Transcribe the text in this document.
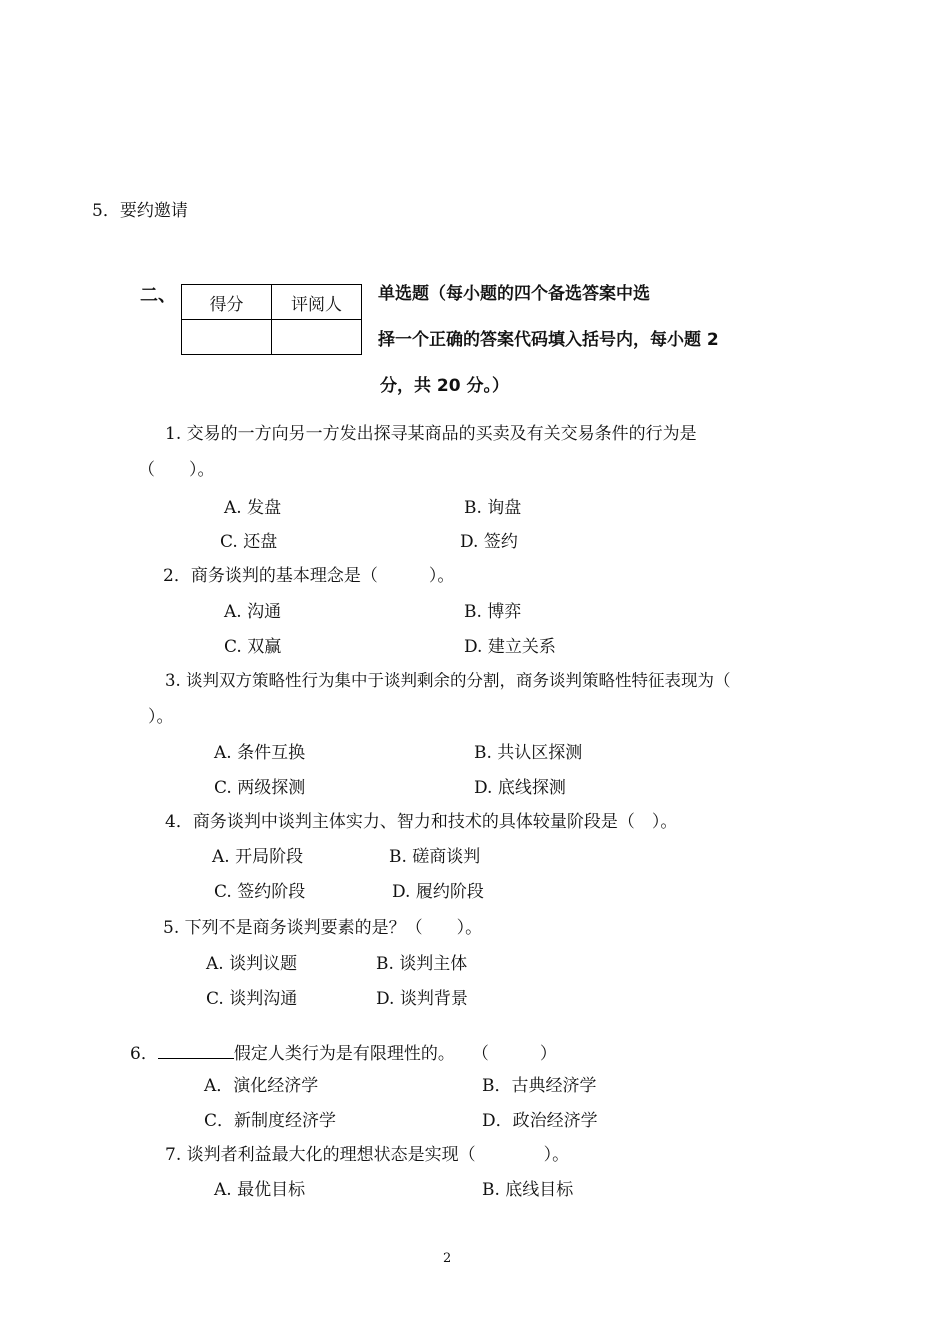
5．要约邀请
二、 得分	评阅人

单选题（每小题的四个备选答案中选
择一个正确的答案代码填入括号内，每小题 2
分，共 20 分。）
1. 交易的一方向另一方发出探寻某商品的买卖及有关交易条件的行为是
（　　）。
A. 发盘	B. 询盘
C. 还盘	D. 签约
2．商务谈判的基本理念是（　　　）。
A. 沟通	B. 博弈
C. 双赢	D. 建立关系
3. 谈判双方策略性行为集中于谈判剩余的分割，商务谈判策略性特征表现为（
）。
A. 条件互换	B. 共认区探测
C. 两级探测	D. 底线探测
4．商务谈判中谈判主体实力、智力和技术的具体较量阶段是（　）。
A. 开局阶段	B. 磋商谈判
C. 签约阶段	D. 履约阶段
5. 下列不是商务谈判要素的是？（　　）。
A. 谈判议题	B. 谈判主体
C. 谈判沟通	D. 谈判背景
6．	假定人类行为是有限理性的。　　（　　　）
A．演化经济学	B．古典经济学
C．新制度经济学	D．政治经济学
7. 谈判者利益最大化的理想状态是实现（　　　　）。
A. 最优目标	B. 底线目标
2
